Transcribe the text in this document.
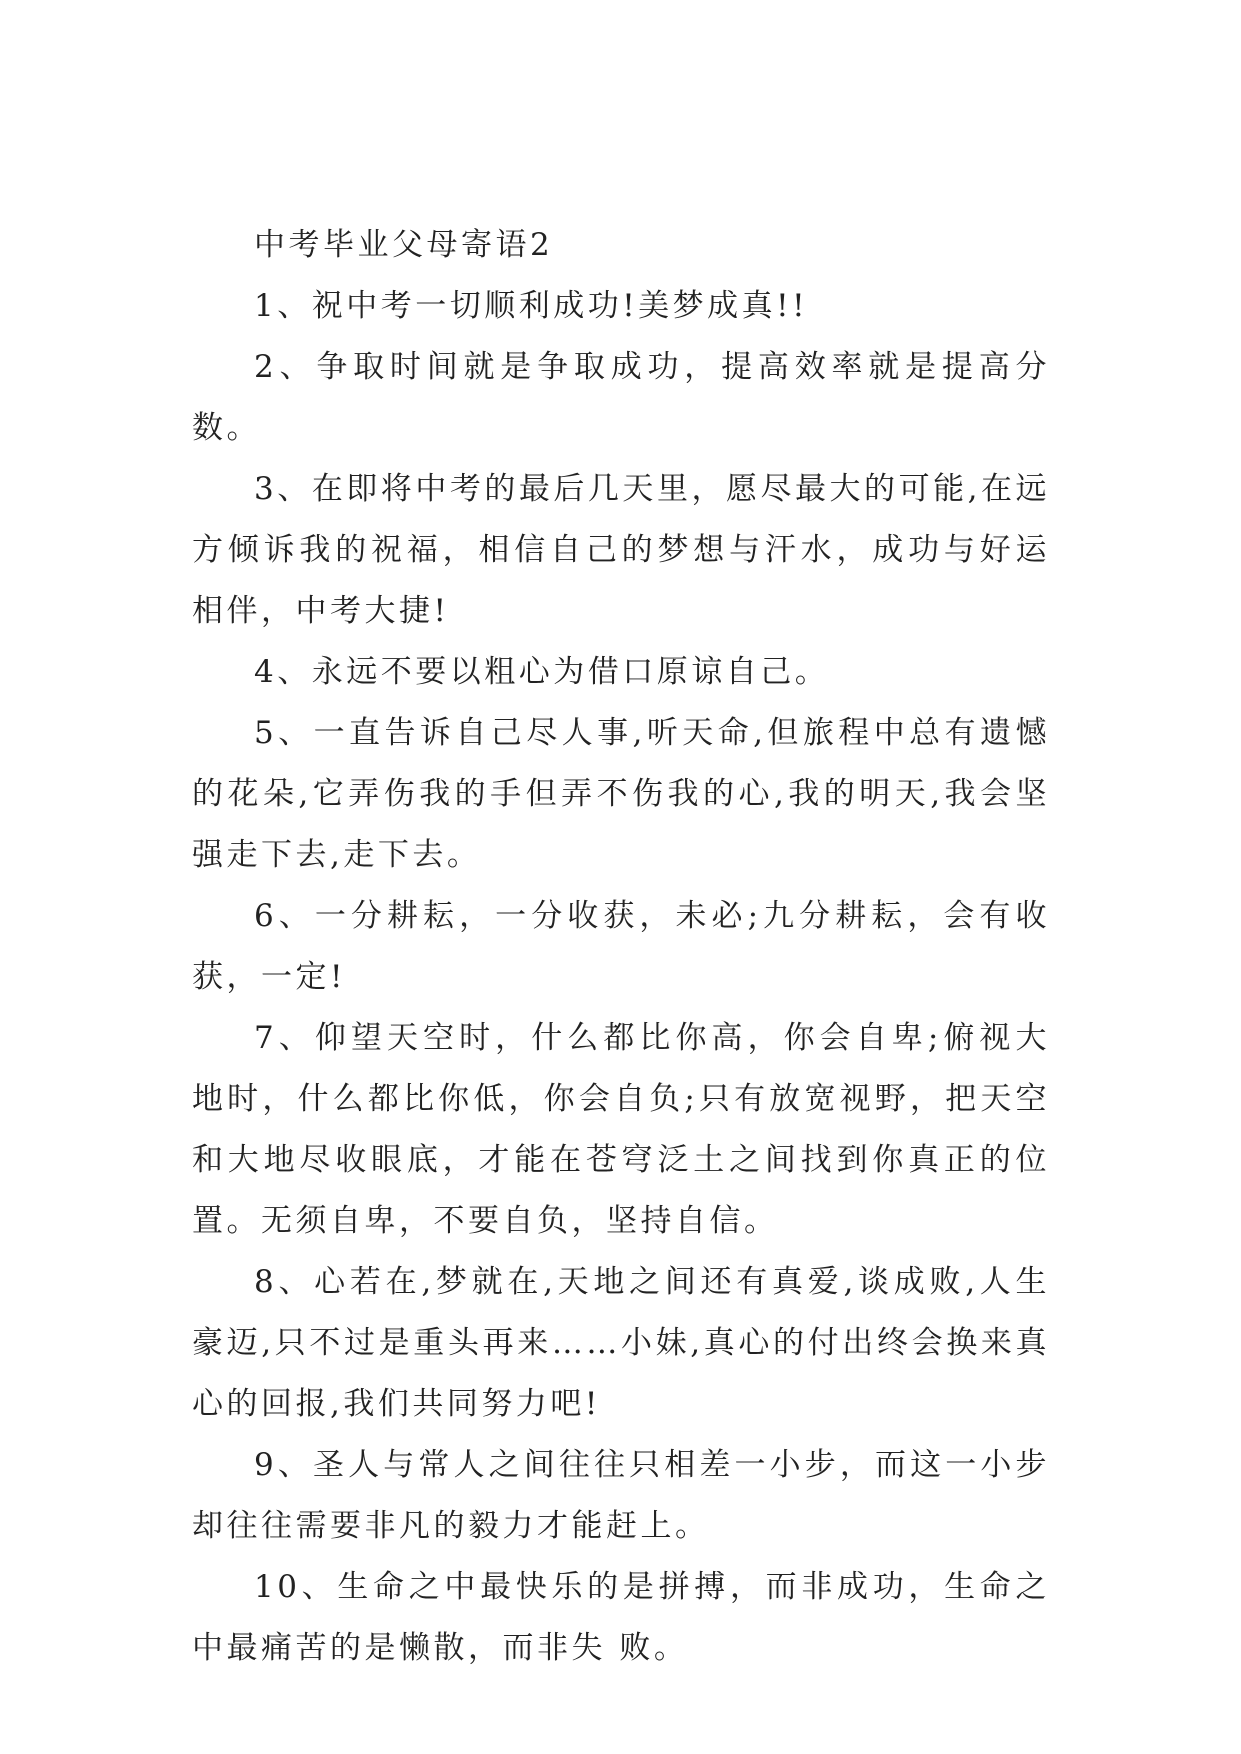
中考毕业父母寄语2

1、祝中考一切顺利成功!美梦成真!!

2、争取时间就是争取成功，提高效率就是提高分数。

3、在即将中考的最后几天里，愿尽最大的可能,在远方倾诉我的祝福，相信自己的梦想与汗水，成功与好运相伴，中考大捷!

4、永远不要以粗心为借口原谅自己。

5、一直告诉自己尽人事,听天命,但旅程中总有遗憾的花朵,它弄伤我的手但弄不伤我的心,我的明天,我会坚强走下去,走下去。

6、一分耕耘，一分收获，未必;九分耕耘，会有收获，一定!

7、仰望天空时，什么都比你高，你会自卑;俯视大地时，什么都比你低，你会自负;只有放宽视野，把天空和大地尽收眼底，才能在苍穹泛土之间找到你真正的位置。无须自卑，不要自负，坚持自信。

8、心若在,梦就在,天地之间还有真爱,谈成败,人生豪迈,只不过是重头再来……小妹,真心的付出终会换来真心的回报,我们共同努力吧!

9、圣人与常人之间往往只相差一小步，而这一小步却往往需要非凡的毅力才能赶上。

10、生命之中最快乐的是拼搏，而非成功，生命之中最痛苦的是懒散，而非失 败。
